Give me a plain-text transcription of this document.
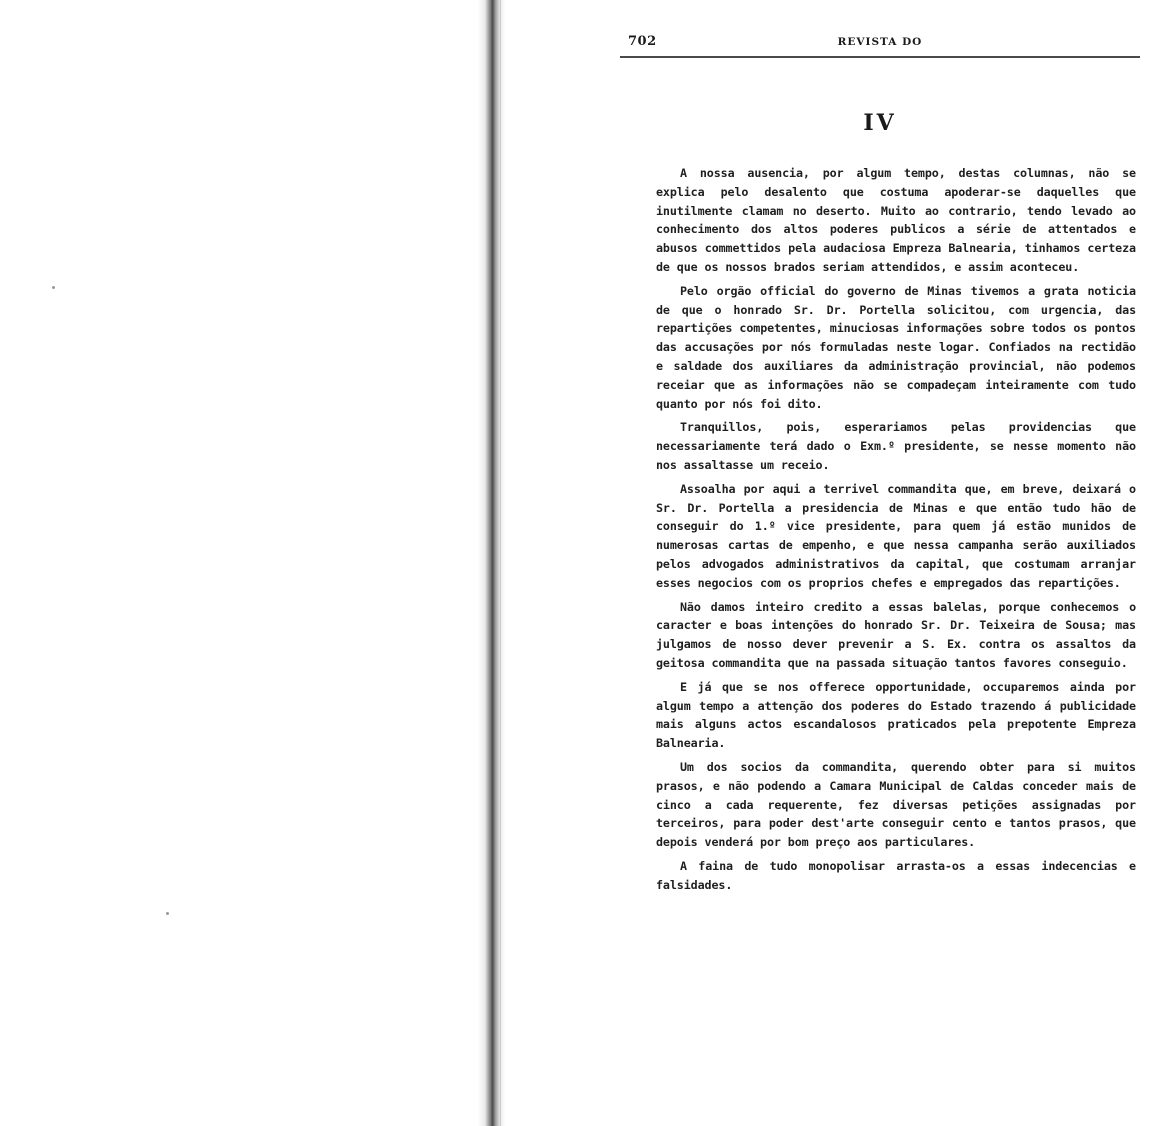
702	REVISTA DO
IV

A nossa ausencia, por algum tempo, destas columnas, não se explica pelo desalento que costuma apoderar-se daquelles que inutilmente clamam no deserto. Muito ao contrario, tendo levado ao conhecimento dos altos poderes publicos a série de attentados e abusos commettidos pela audaciosa Empreza Balnearia, tinhamos certeza de que os nossos brados seriam attendidos, e assim aconteceu.

Pelo orgão official do governo de Minas tivemos a grata noticia de que o honrado Sr. Dr. Portella solicitou, com urgencia, das repartições competentes, minuciosas informações sobre todos os pontos das accusações por nós formuladas neste logar. Confiados na rectidão e saldade dos auxiliares da administração provincial, não podemos receiar que as informações não se compadeçam inteiramente com tudo quanto por nós foi dito.

Tranquillos, pois, esperariamos pelas providencias que necessariamente terá dado o Exm.º presidente, se nesse momento não nos assaltasse um receio.

Assoalha por aqui a terrivel commandita que, em breve, deixará o Sr. Dr. Portella a presidencia de Minas e que então tudo hão de conseguir do 1.º vice presidente, para quem já estão munidos de numerosas cartas de empenho, e que nessa campanha serão auxiliados pelos advogados administrativos da capital, que costumam arranjar esses negocios com os proprios chefes e empregados das repartições.

Não damos inteiro credito a essas balelas, porque conhecemos o caracter e boas intenções do honrado Sr. Dr. Teixeira de Sousa; mas julgamos de nosso dever prevenir a S. Ex. contra os assaltos da geitosa commandita que na passada situação tantos favores conseguio.

E já que se nos offerece opportunidade, occuparemos ainda por algum tempo a attenção dos poderes do Estado trazendo á publicidade mais alguns actos escandalosos praticados pela prepotente Empreza Balnearia.

Um dos socios da commandita, querendo obter para si muitos prasos, e não podendo a Camara Municipal de Caldas conceder mais de cinco a cada requerente, fez diversas petições assignadas por terceiros, para poder dest'arte conseguir cento e tantos prasos, que depois venderá por bom preço aos particulares.

A faina de tudo monopolisar arrasta-os a essas indecencias e falsidades.
